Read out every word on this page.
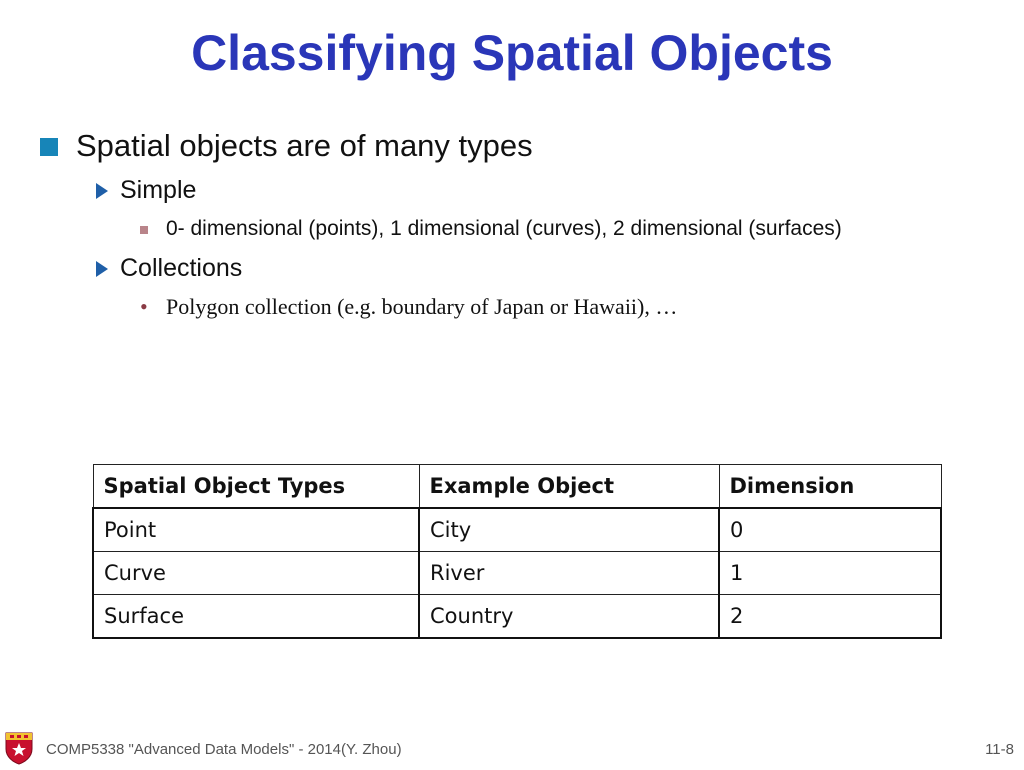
Classifying Spatial Objects
Spatial objects are of many types
Simple
0- dimensional (points), 1 dimensional (curves), 2 dimensional (surfaces)
Collections
• Polygon collection (e.g. boundary of Japan or Hawaii), …
Spatial Object Types	Example Object	Dimension
Point	City	0
Curve	River	1
Surface	Country	2
COMP5338 "Advanced Data Models" - 2014(Y. Zhou)	11-8
